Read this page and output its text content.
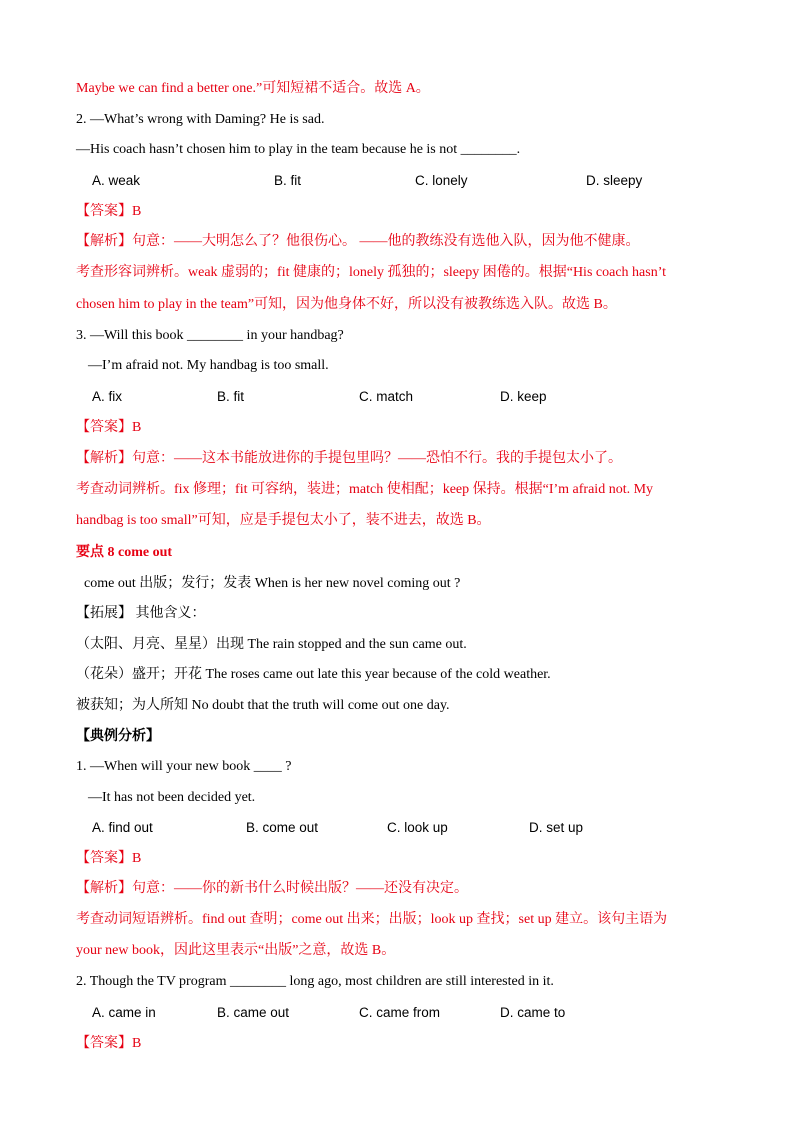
Maybe we can find a better one.”可知短裙不适合。故选 A。
2. —What’s wrong with Daming? He is sad.
—His coach hasn’t chosen him to play in the team because he is not ________.
A. weak	B. fit	C. lonely	D. sleepy
【答案】B
【解析】句意：——大明怎么了？他很伤心。 ——他的教练没有选他入队，因为他不健康。
考查形容词辨析。weak 虚弱的；fit 健康的；lonely 孤独的；sleepy 困倦的。根据“His coach hasn’t
chosen him to play in the team”可知，因为他身体不好，所以没有被教练选入队。故选 B。
3. —Will this book ________ in your handbag?
—I’m afraid not. My handbag is too small.
A. fix	B. fit	C. match	D. keep
【答案】B
【解析】句意：——这本书能放进你的手提包里吗？——恐怕不行。我的手提包太小了。
考查动词辨析。fix 修理；fit 可容纳，装进；match 使相配；keep 保持。根据“I’m afraid not. My
handbag is too small”可知，应是手提包太小了，装不进去，故选 B。
要点 8 come out
come out 出版；发行；发表 When is her new novel coming out ?
【拓展】 其他含义：
（太阳、月亮、星星）出现 The rain stopped and the sun came out.
（花朵）盛开；开花 The roses came out late this year because of the cold weather.
被获知；为人所知 No doubt that the truth will come out one day.
【典例分析】
1. —When will your new book ____ ?
—It has not been decided yet.
A. find out	B. come out	C. look up	D. set up
【答案】B
【解析】句意：——你的新书什么时候出版？——还没有决定。
考查动词短语辨析。find out 查明；come out 出来；出版；look up 查找；set up 建立。该句主语为
your new book，因此这里表示“出版”之意，故选 B。
2. Though the TV program ________ long ago, most children are still interested in it.
A. came in	B. came out	C. came from	D. came to
【答案】B
